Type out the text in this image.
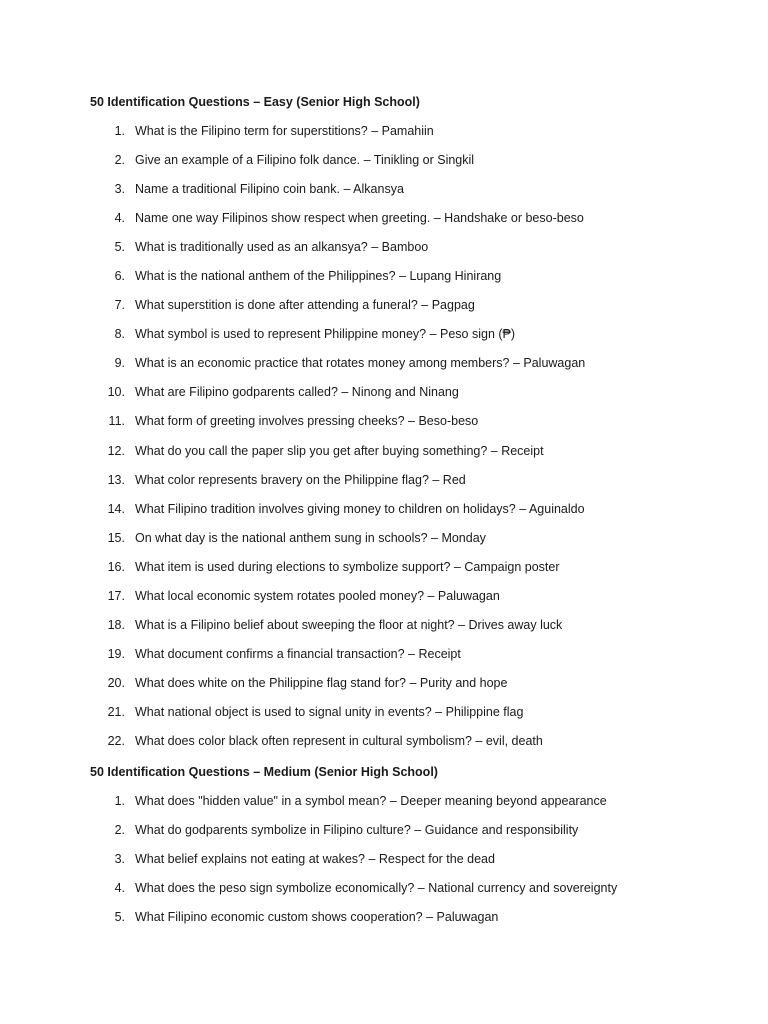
50 Identification Questions – Easy (Senior High School)
1. What is the Filipino term for superstitions? – Pamahiin
2. Give an example of a Filipino folk dance. – Tinikling or Singkil
3. Name a traditional Filipino coin bank. – Alkansya
4. Name one way Filipinos show respect when greeting. – Handshake or beso-beso
5. What is traditionally used as an alkansya? – Bamboo
6. What is the national anthem of the Philippines? – Lupang Hinirang
7. What superstition is done after attending a funeral? – Pagpag
8. What symbol is used to represent Philippine money? – Peso sign (₱)
9. What is an economic practice that rotates money among members? – Paluwagan
10. What are Filipino godparents called? – Ninong and Ninang
11. What form of greeting involves pressing cheeks? – Beso-beso
12. What do you call the paper slip you get after buying something? – Receipt
13. What color represents bravery on the Philippine flag? – Red
14. What Filipino tradition involves giving money to children on holidays? – Aguinaldo
15. On what day is the national anthem sung in schools? – Monday
16. What item is used during elections to symbolize support? – Campaign poster
17. What local economic system rotates pooled money? – Paluwagan
18. What is a Filipino belief about sweeping the floor at night? – Drives away luck
19. What document confirms a financial transaction? – Receipt
20. What does white on the Philippine flag stand for? – Purity and hope
21. What national object is used to signal unity in events? – Philippine flag
22. What does color black often represent in cultural symbolism? – evil, death
50 Identification Questions – Medium (Senior High School)
1. What does "hidden value" in a symbol mean? – Deeper meaning beyond appearance
2. What do godparents symbolize in Filipino culture? – Guidance and responsibility
3. What belief explains not eating at wakes? – Respect for the dead
4. What does the peso sign symbolize economically? – National currency and sovereignty
5. What Filipino economic custom shows cooperation? – Paluwagan
